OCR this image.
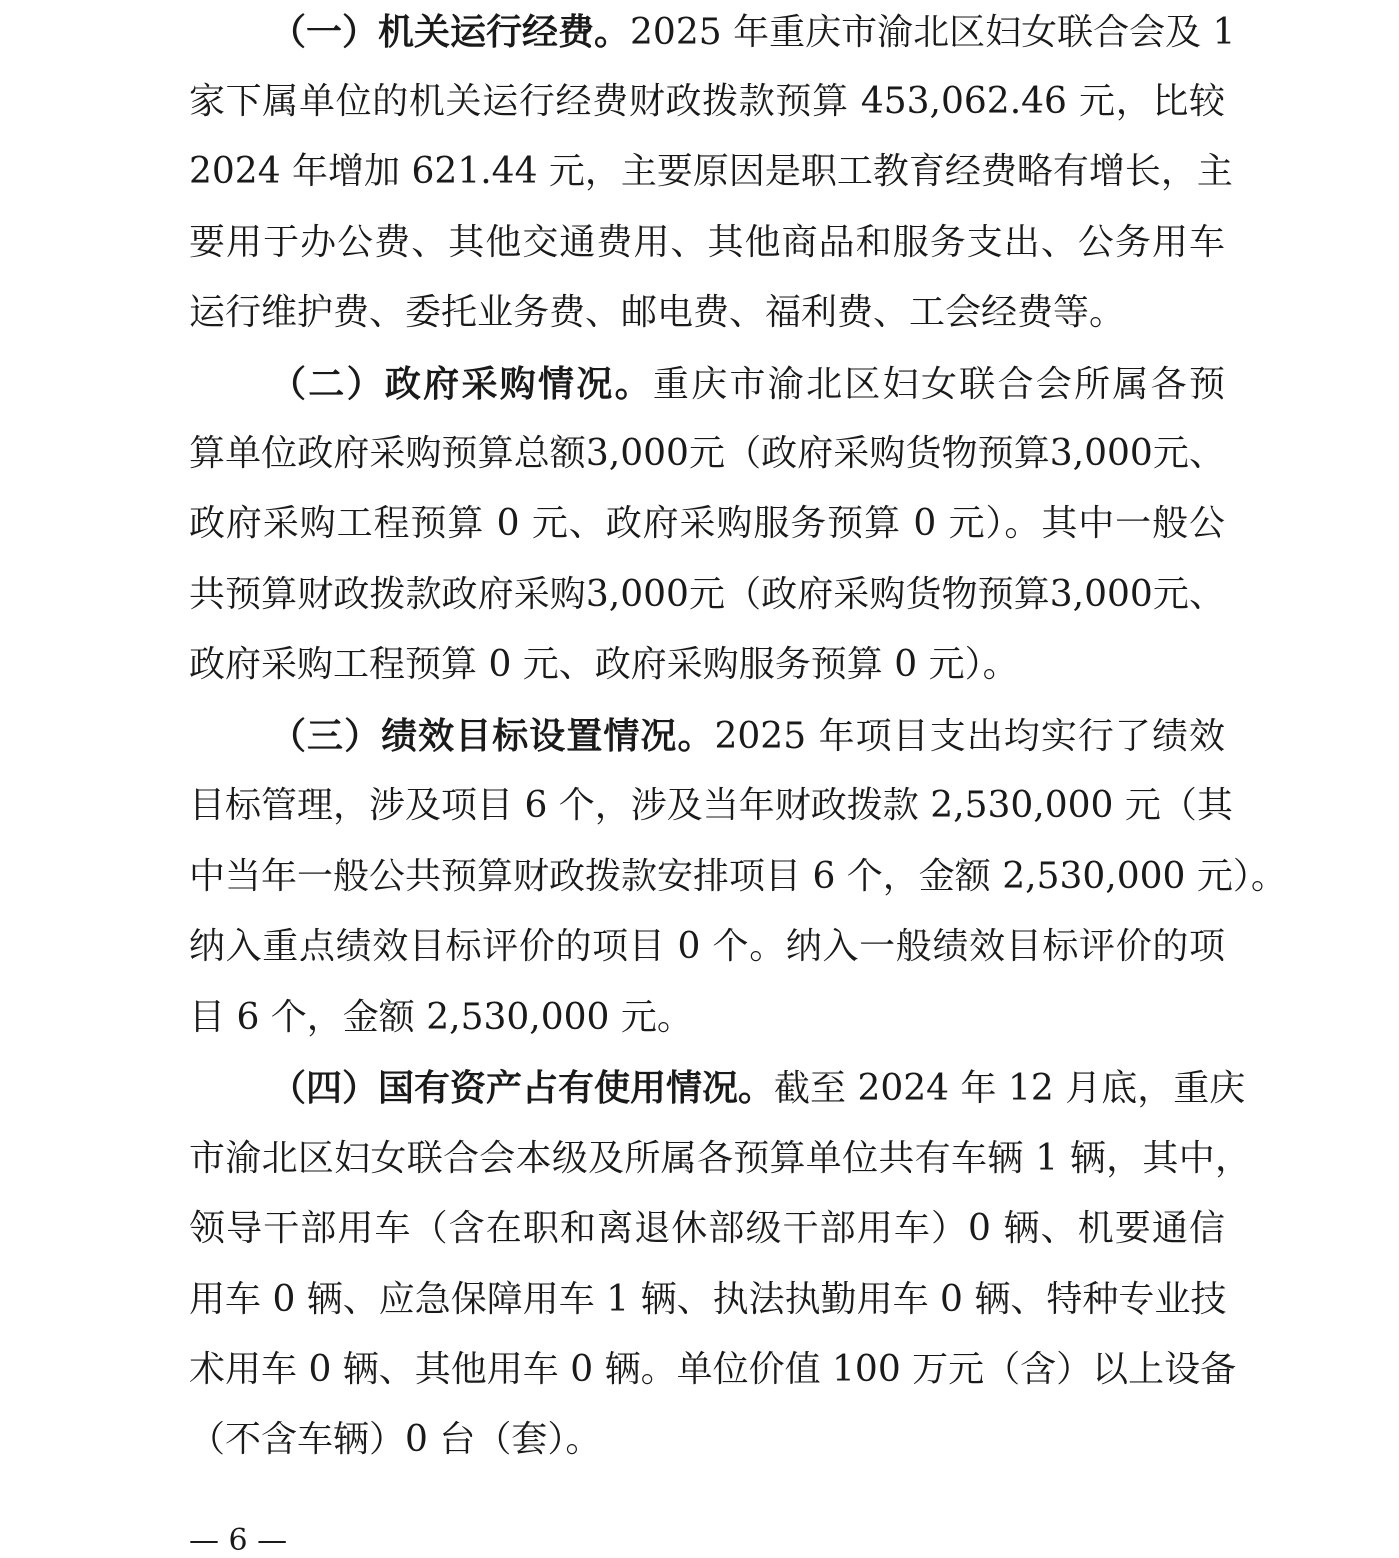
（一）机关运行经费。2025 年重庆市渝北区妇女联合会及 1
家下属单位的机关运行经费财政拨款预算 453,062.46 元，比较
2024 年增加 621.44 元，主要原因是职工教育经费略有增长，主
要用于办公费、其他交通费用、其他商品和服务支出、公务用车
运行维护费、委托业务费、邮电费、福利费、工会经费等。
（二）政府采购情况。重庆市渝北区妇女联合会所属各预
算单位政府采购预算总额3,000元（政府采购货物预算3,000元、
政府采购工程预算 0 元、政府采购服务预算 0 元）。其中一般公
共预算财政拨款政府采购3,000元（政府采购货物预算3,000元、
政府采购工程预算 0 元、政府采购服务预算 0 元）。
（三）绩效目标设置情况。2025 年项目支出均实行了绩效
目标管理，涉及项目 6 个，涉及当年财政拨款 2,530,000 元（其
中当年一般公共预算财政拨款安排项目 6 个，金额 2,530,000 元）。
纳入重点绩效目标评价的项目 0 个。纳入一般绩效目标评价的项
目 6 个，金额 2,530,000 元。
（四）国有资产占有使用情况。截至 2024 年 12 月底，重庆
市渝北区妇女联合会本级及所属各预算单位共有车辆 1 辆，其中，
领导干部用车（含在职和离退休部级干部用车）0 辆、机要通信
用车 0 辆、应急保障用车 1 辆、执法执勤用车 0 辆、特种专业技
术用车 0 辆、其他用车 0 辆。单位价值 100 万元（含）以上设备
（不含车辆）0 台（套）。
— 6 —
